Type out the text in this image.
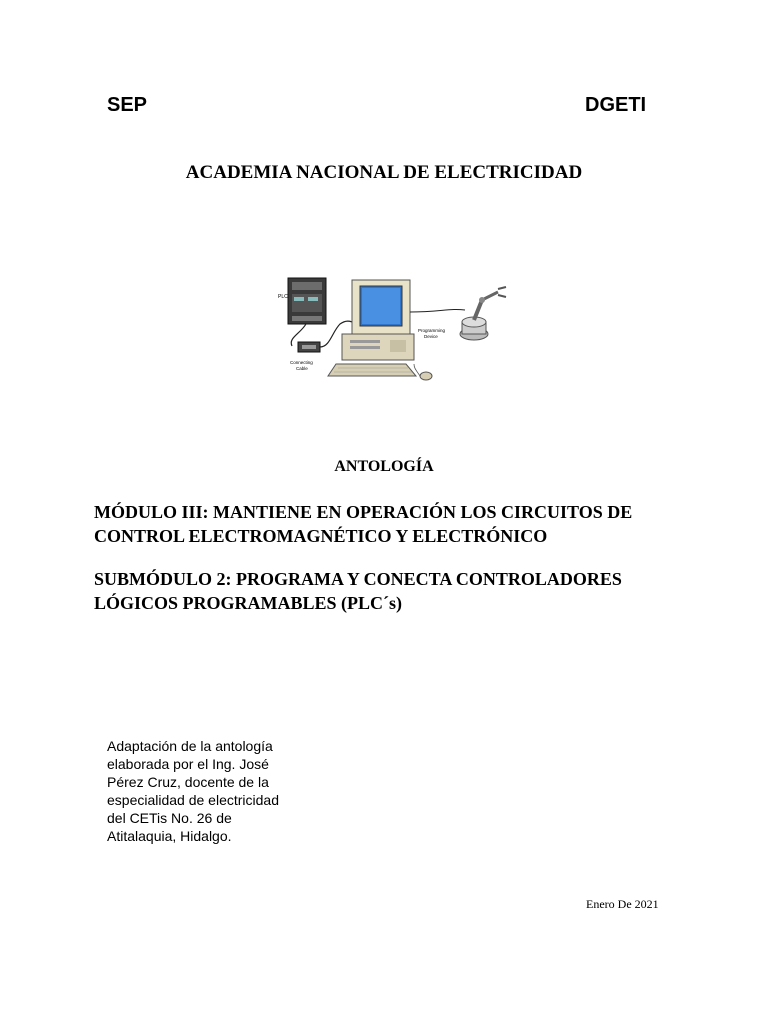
SEP	DGETI
ACADEMIA NACIONAL DE ELECTRICIDAD
PLC
Connecting
Cable
Programming
Device
ANTOLOGÍA
MÓDULO III: MANTIENE EN OPERACIÓN LOS CIRCUITOS DE
CONTROL ELECTROMAGNÉTICO Y ELECTRÓNICO
SUBMÓDULO 2: PROGRAMA Y CONECTA CONTROLADORES
LÓGICOS PROGRAMABLES (PLC´s)
Adaptación de la antología
elaborada por el Ing. José
Pérez Cruz, docente de la
especialidad de electricidad
del CETis No. 26 de
Atitalaquia, Hidalgo.
Enero De 2021
